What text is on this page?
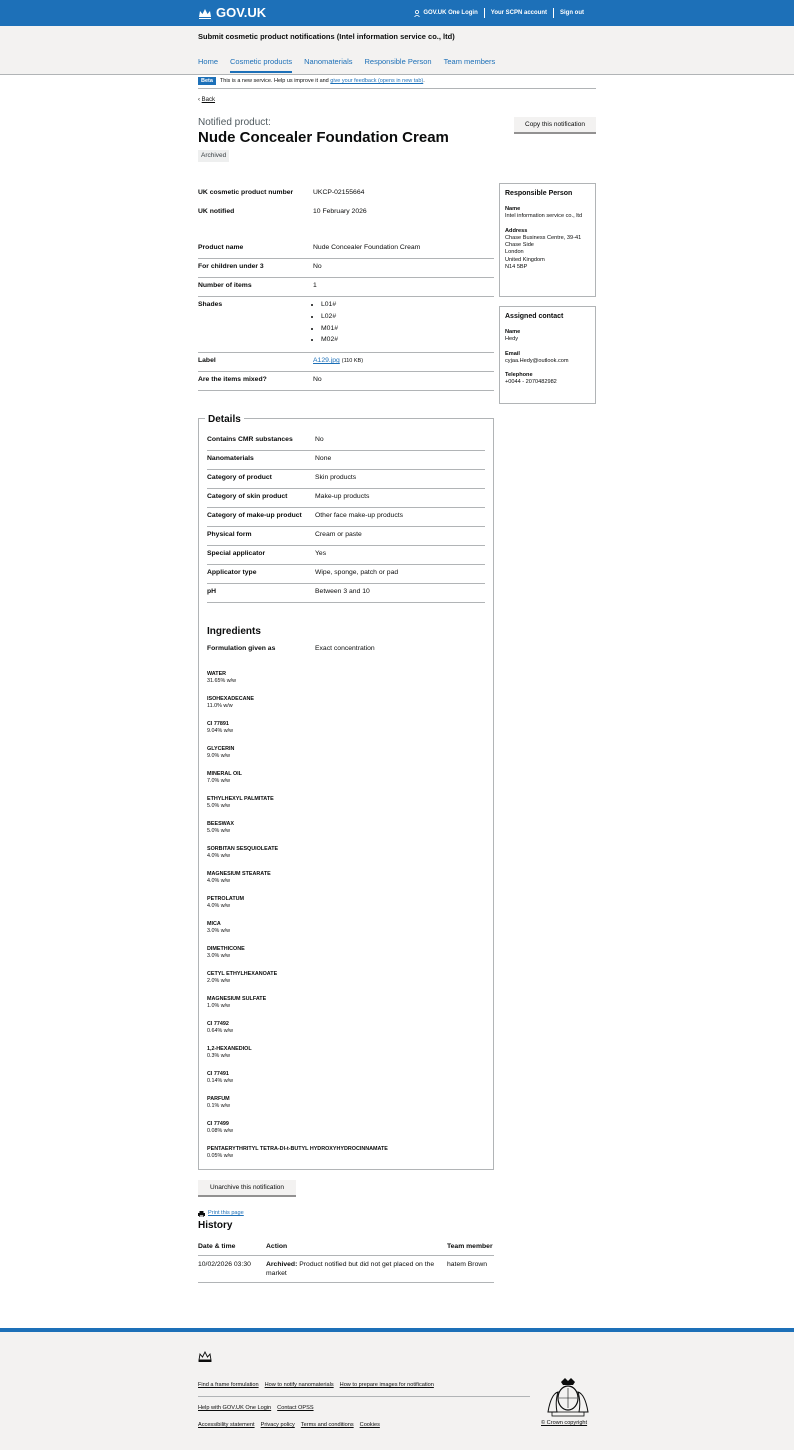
GOV.UK	GOV.UK One Login	Your SCPN account	Sign out
Submit cosmetic product notifications (Intel information service co., ltd)
Home Cosmetic products Nanomaterials Responsible Person Team members
Beta This is a new service. Help us improve it and give your feedback (opens in new tab).
‹ Back
Notified product:
Nude Concealer Foundation Cream
Archived
Copy this notification
UK cosmetic product number	UKCP-02155664
UK notified	10 February 2026
Product name	Nude Concealer Foundation Cream
For children under 3	No
Number of items	1
Shades
•	L01#
• L02#
• M01#
• M02#
Label	A129.jpg (110 KB)
Are the items mixed?	No
Responsible Person
Name
Intel information service co., ltd
Address
Chase Business Centre, 39-41
Chase Side
London
United Kingdom
N14 5BP
Assigned contact
Name
Hedy
Email
cyjaa.Hedy@outlook.com
Telephone
+0044 - 2070482982
Details
Contains CMR substances	No
Nanomaterials	None
Category of product	Skin products
Category of skin product	Make-up products
Category of make-up product	Other face make-up products
Physical form	Cream or paste
Special applicator	Yes
Applicator type	Wipe, sponge, patch or pad
pH	Between 3 and 10
Ingredients
Formulation given as	Exact concentration
WATER
31.65% w/w
ISOHEXADECANE
11.0% w/w
CI 77891
9.04% w/w
GLYCERIN
9.0% w/w
MINERAL OIL
7.0% w/w
ETHYLHEXYL PALMITATE
5.0% w/w
BEESWAX
5.0% w/w
SORBITAN SESQUIOLEATE
4.0% w/w
MAGNESIUM STEARATE
4.0% w/w
PETROLATUM
4.0% w/w
MICA
3.0% w/w
DIMETHICONE
3.0% w/w
CETYL ETHYLHEXANOATE
2.0% w/w
MAGNESIUM SULFATE
1.0% w/w
CI 77492
0.64% w/w
1,2-HEXANEDIOL
0.3% w/w
CI 77491
0.14% w/w
PARFUM
0.1% w/w
CI 77499
0.08% w/w
PENTAERYTHRITYL TETRA-DI-t-BUTYL HYDROXYHYDROCINNAMATE
0.05% w/w
Unarchive this notification
Print this page
History
Date & time	Action	Team member
10/02/2026 03:30	Archived: Product notified but did not get placed on the market
hatem Brown
Find a frame formulation How to notify nanomaterials How to prepare images for notification
Help with GOV.UK One Login Contact OPSS
Accessibility statement Privacy policy Terms and conditions Cookies	© Crown copyright
